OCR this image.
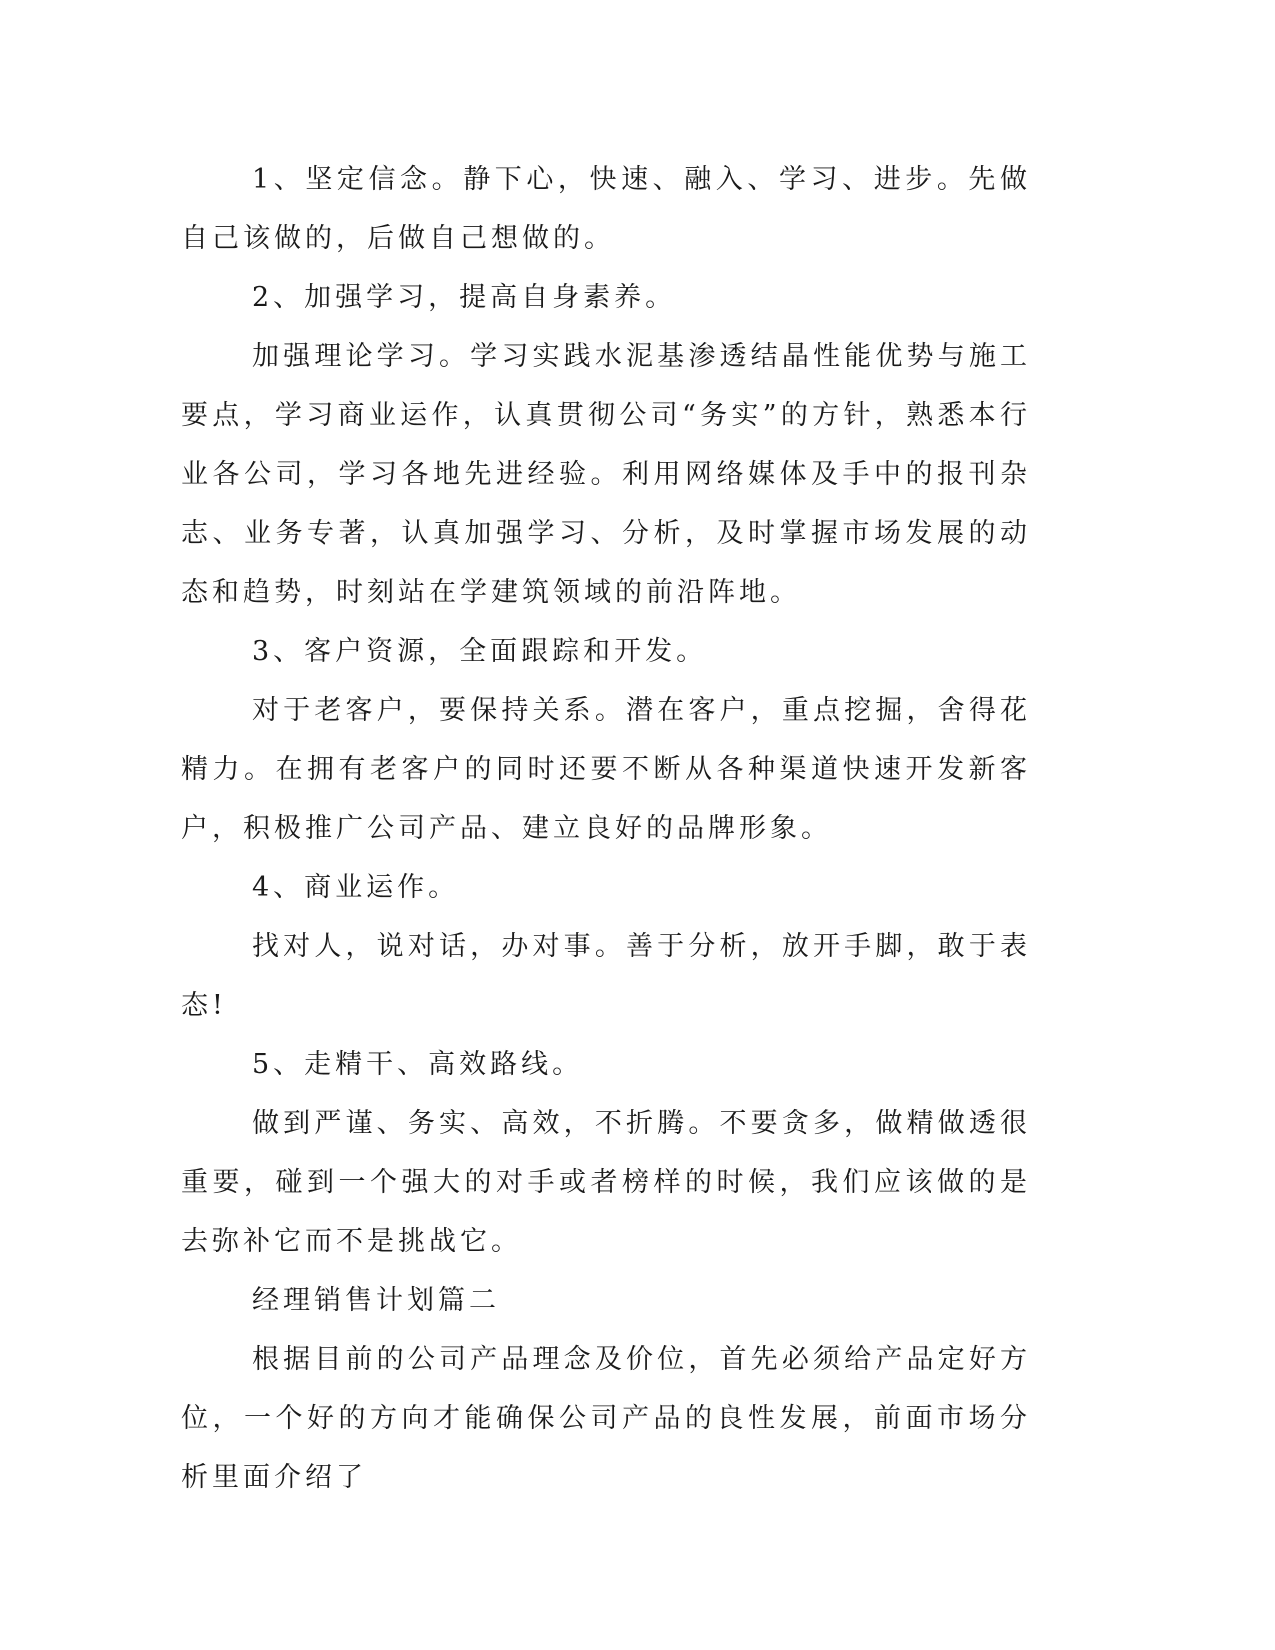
1、坚定信念。静下心，快速、融入、学习、进步。先做自己该做的，后做自己想做的。

2、加强学习，提高自身素养。

加强理论学习。学习实践水泥基渗透结晶性能优势与施工要点，学习商业运作，认真贯彻公司“务实”的方针，熟悉本行业各公司，学习各地先进经验。利用网络媒体及手中的报刊杂志、业务专著，认真加强学习、分析，及时掌握市场发展的动态和趋势，时刻站在学建筑领域的前沿阵地。

3、客户资源，全面跟踪和开发。

对于老客户，要保持关系。潜在客户，重点挖掘，舍得花精力。在拥有老客户的同时还要不断从各种渠道快速开发新客户，积极推广公司产品、建立良好的品牌形象。

4、商业运作。

找对人，说对话，办对事。善于分析，放开手脚，敢于表态!

5、走精干、高效路线。

做到严谨、务实、高效，不折腾。不要贪多，做精做透很重要，碰到一个强大的对手或者榜样的时候，我们应该做的是去弥补它而不是挑战它。

经理销售计划篇二

根据目前的公司产品理念及价位，首先必须给产品定好方位，一个好的方向才能确保公司产品的良性发展，前面市场分析里面介绍了
